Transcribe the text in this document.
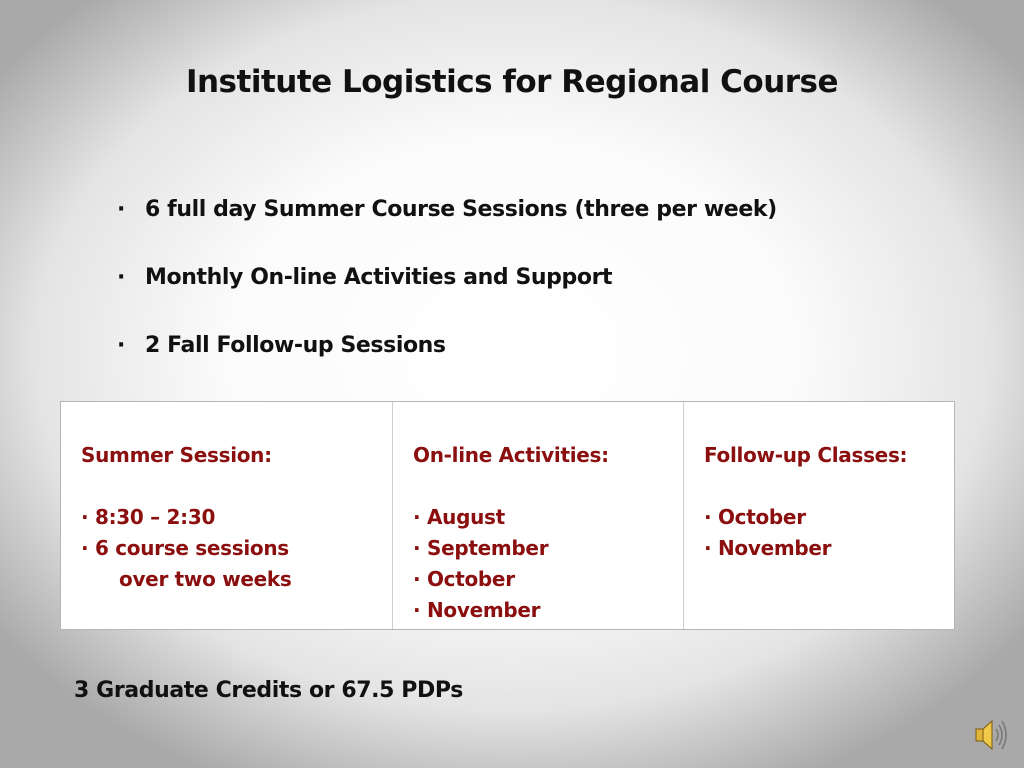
Institute Logistics for Regional Course
· 6 full day Summer Course Sessions (three per week)
· Monthly On-line Activities and Support
· 2 Fall Follow-up Sessions
Summer Session:
· 8:30 – 2:30
· 6 course sessions
over two weeks
On-line Activities:
· August
· September
· October
· November
Follow-up Classes:
· October
· November
3 Graduate Credits or 67.5 PDPs
